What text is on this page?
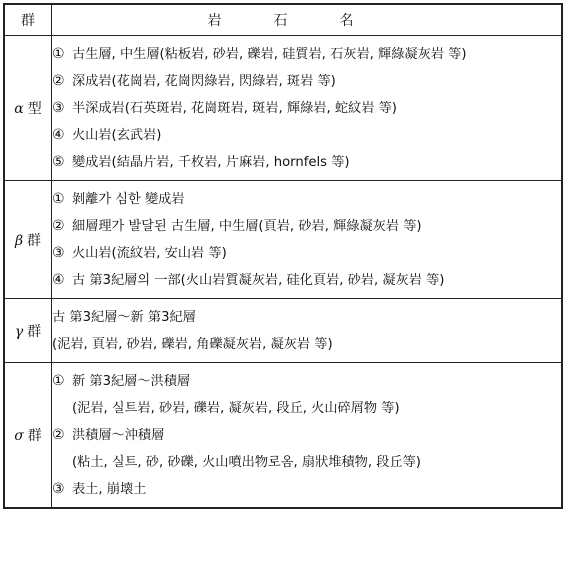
群	岩石名
α 型	① 古生層, 中生層(粘板岩, 砂岩, 礫岩, 硅質岩, 石灰岩, 輝綠凝灰岩 等)
② 深成岩(花崗岩, 花崗閃綠岩, 閃綠岩, 斑岩 等)
③ 半深成岩(石英斑岩, 花崗斑岩, 斑岩, 輝綠岩, 蛇紋岩 等)
④ 火山岩(玄武岩)
⑤ 變成岩(結晶片岩, 千枚岩, 片麻岩, hornfels 等)

β 群	① 剝離가 심한 變成岩
② 細層理가 발달된 古生層, 中生層(頁岩, 砂岩, 輝綠凝灰岩 等)
③ 火山岩(流紋岩, 安山岩 等)
④ 古 第3紀層의 一部(火山岩質凝灰岩, 硅化頁岩, 砂岩, 凝灰岩 等)

γ 群	古 第3紀層～新 第3紀層
(泥岩, 頁岩, 砂岩, 礫岩, 角礫凝灰岩, 凝灰岩 等)

σ 群	① 新 第3紀層～洪積層
(泥岩, 실트岩, 砂岩, 礫岩, 凝灰岩, 段丘, 火山碎屑物 等)
② 洪積層～沖積層
(粘土, 실트, 砂, 砂礫, 火山噴出物로옴, 扇狀堆積物, 段丘等)
③ 表土, 崩壊土
